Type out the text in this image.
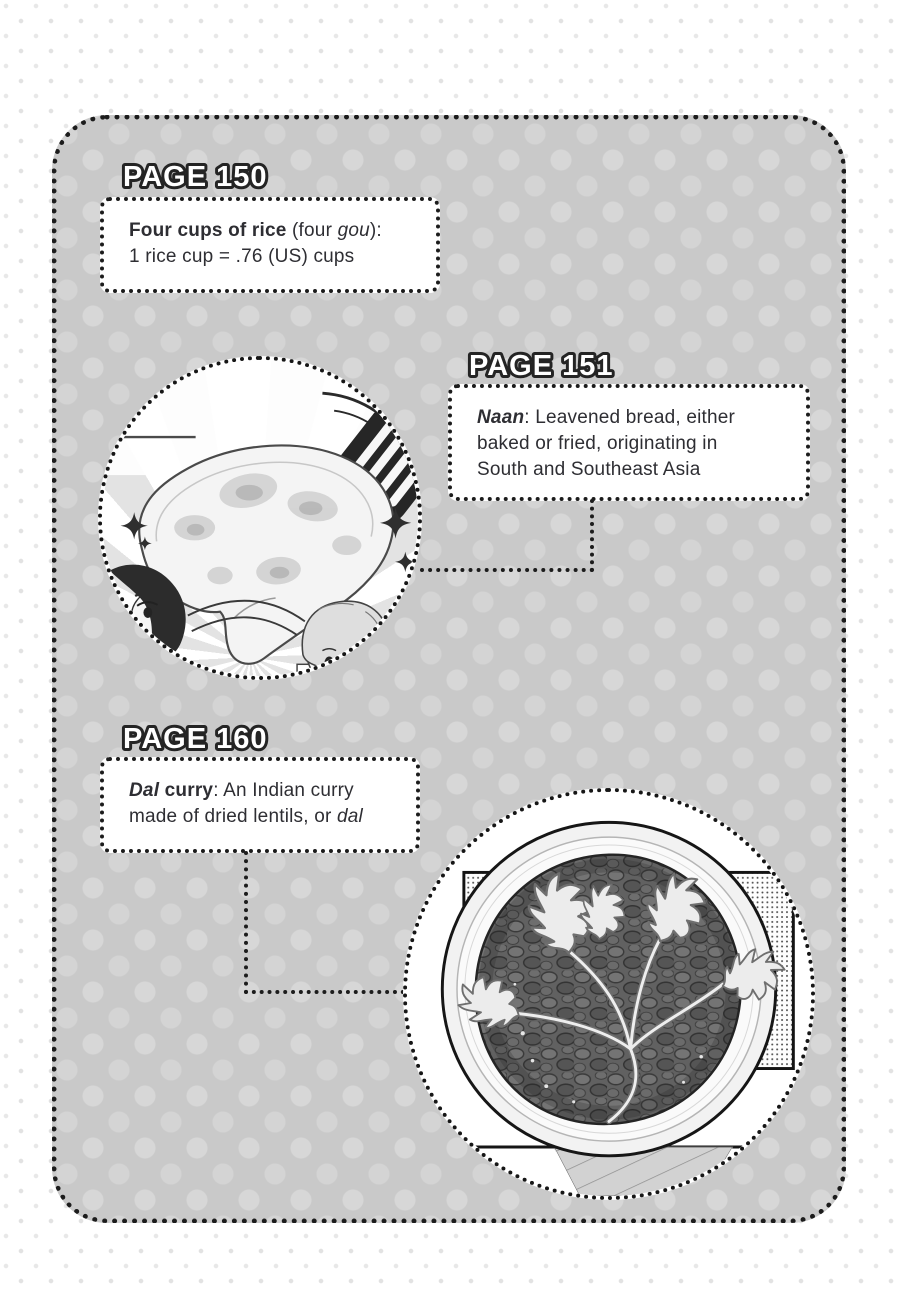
PAGE 150
Four cups of rice (four gou):
1 rice cup = .76 (US) cups
PAGE 151
Naan: Leavened bread, either
baked or fried, originating in
South and Southeast Asia
PAGE 160
Dal curry: An Indian curry
made of dried lentils, or dal
